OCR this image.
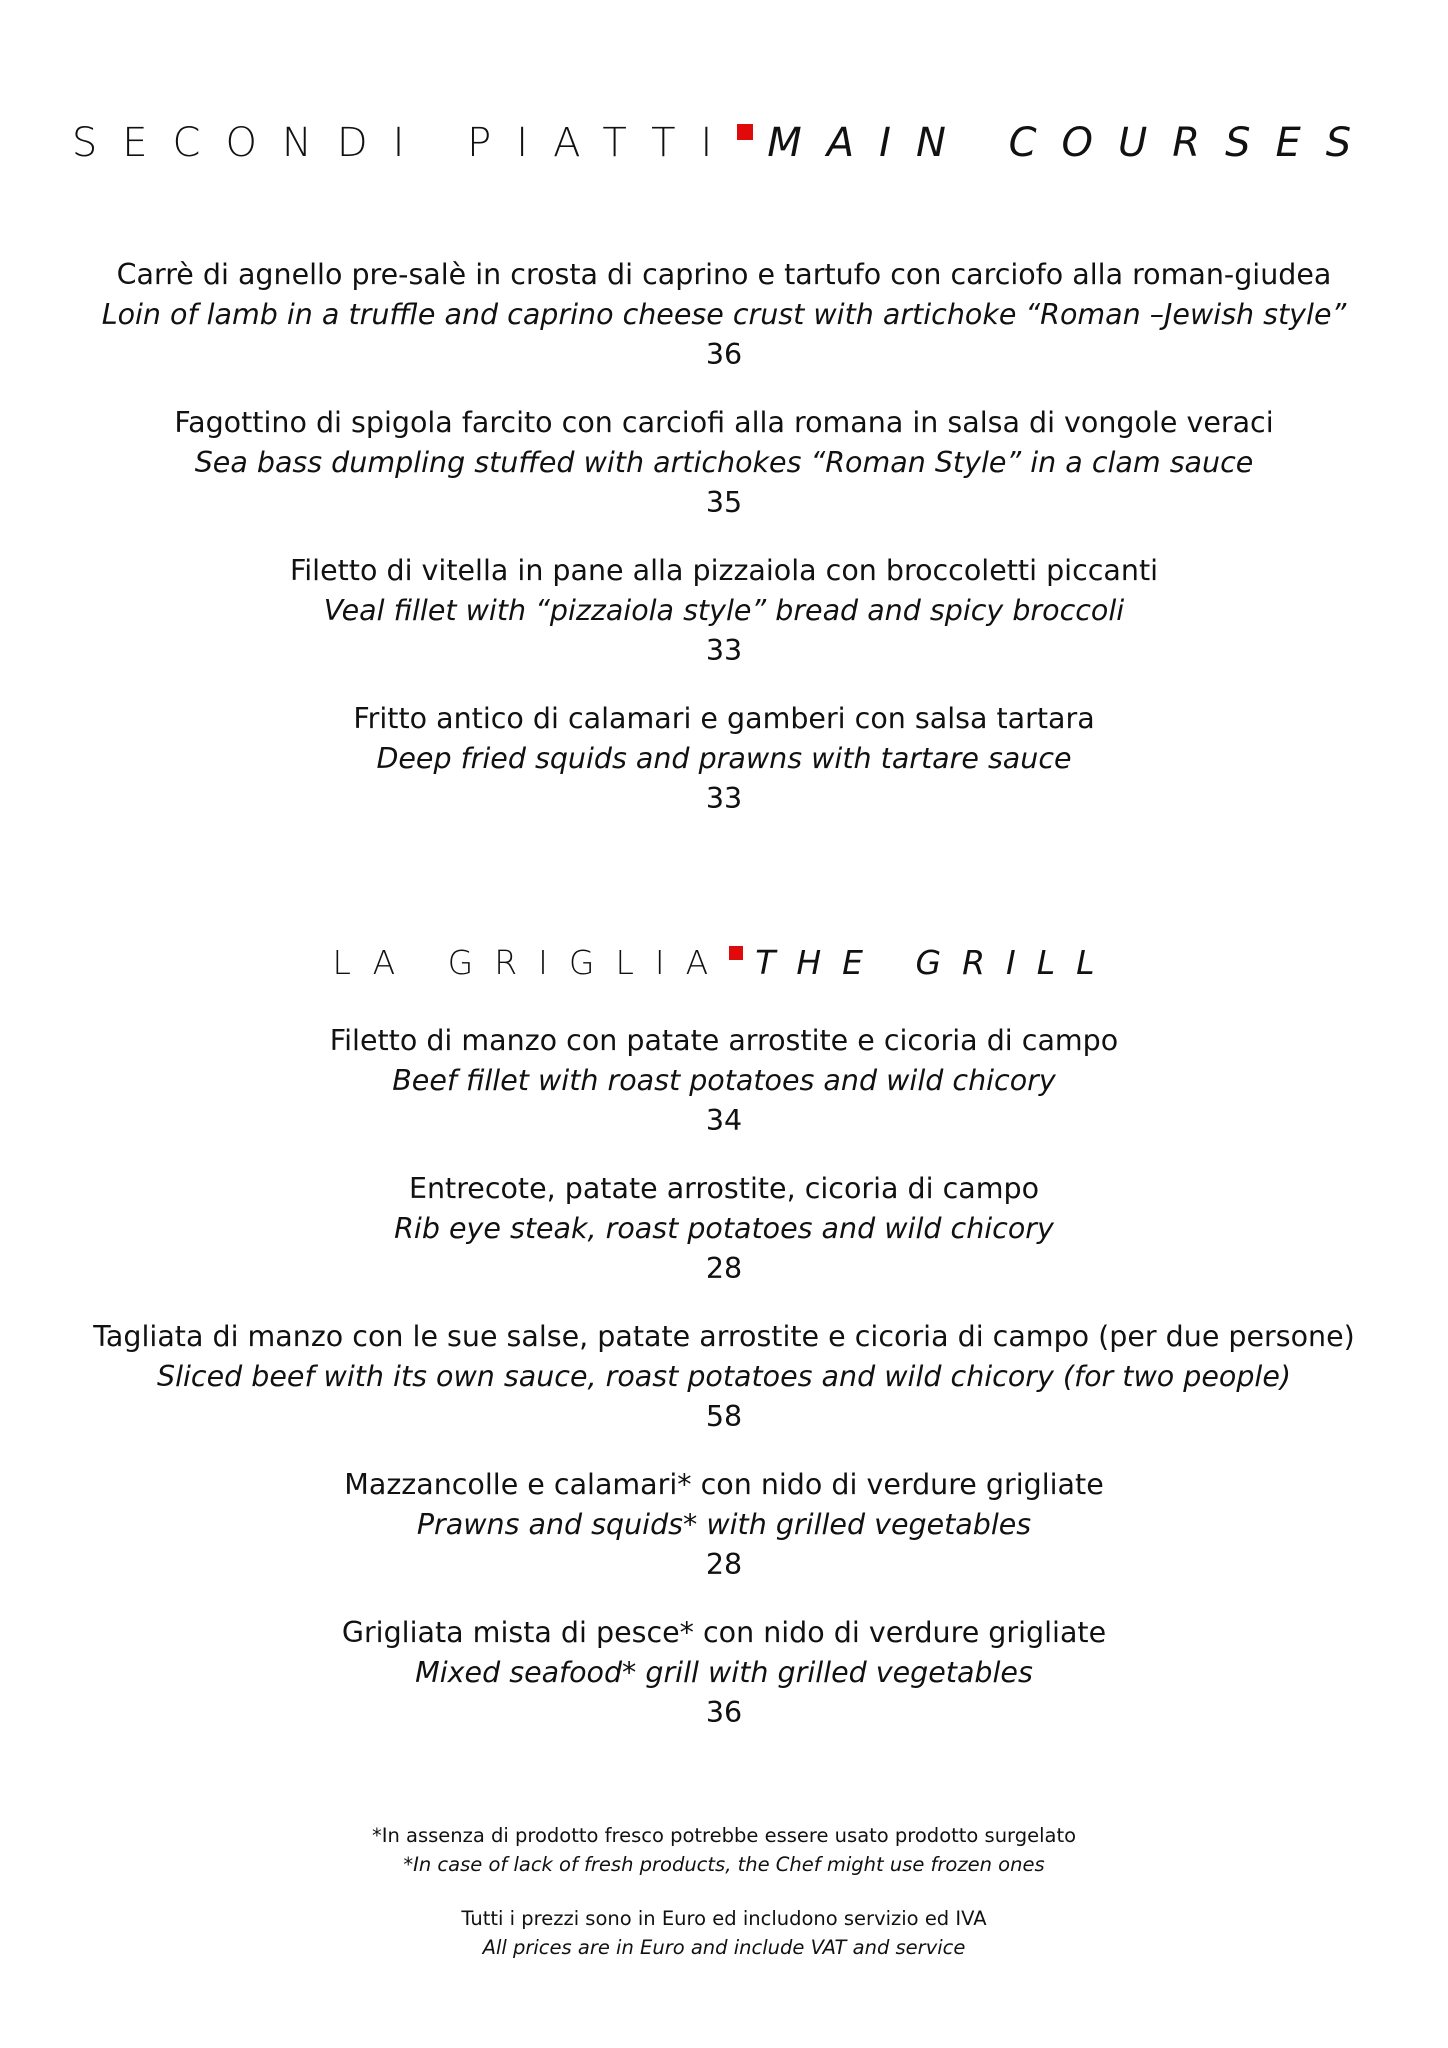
SECONDI PIATTI MAIN COURSES
Carrè di agnello pre-salè in crosta di caprino e tartufo con carciofo alla roman-giudea
Loin of lamb in a truffle and caprino cheese crust with artichoke “Roman –Jewish style”
36
Fagottino di spigola farcito con carciofi alla romana in salsa di vongole veraci
Sea bass dumpling stuffed with artichokes “Roman Style” in a clam sauce
35
Filetto di vitella in pane alla pizzaiola con broccoletti piccanti
Veal fillet with “pizzaiola style” bread and spicy broccoli
33
Fritto antico di calamari e gamberi con salsa tartara
Deep fried squids and prawns with tartare sauce
33
LA GRIGLIA THE GRILL
Filetto di manzo con patate arrostite e cicoria di campo
Beef fillet with roast potatoes and wild chicory
34
Entrecote, patate arrostite, cicoria di campo
Rib eye steak, roast potatoes and wild chicory
28
Tagliata di manzo con le sue salse, patate arrostite e cicoria di campo (per due persone)
Sliced beef with its own sauce, roast potatoes and wild chicory (for two people)
58
Mazzancolle e calamari* con nido di verdure grigliate
Prawns and squids* with grilled vegetables
28
Grigliata mista di pesce* con nido di verdure grigliate
Mixed seafood* grill with grilled vegetables
36
*In assenza di prodotto fresco potrebbe essere usato prodotto surgelato
*In case of lack of fresh products, the Chef might use frozen ones
Tutti i prezzi sono in Euro ed includono servizio ed IVA
All prices are in Euro and include VAT and service
